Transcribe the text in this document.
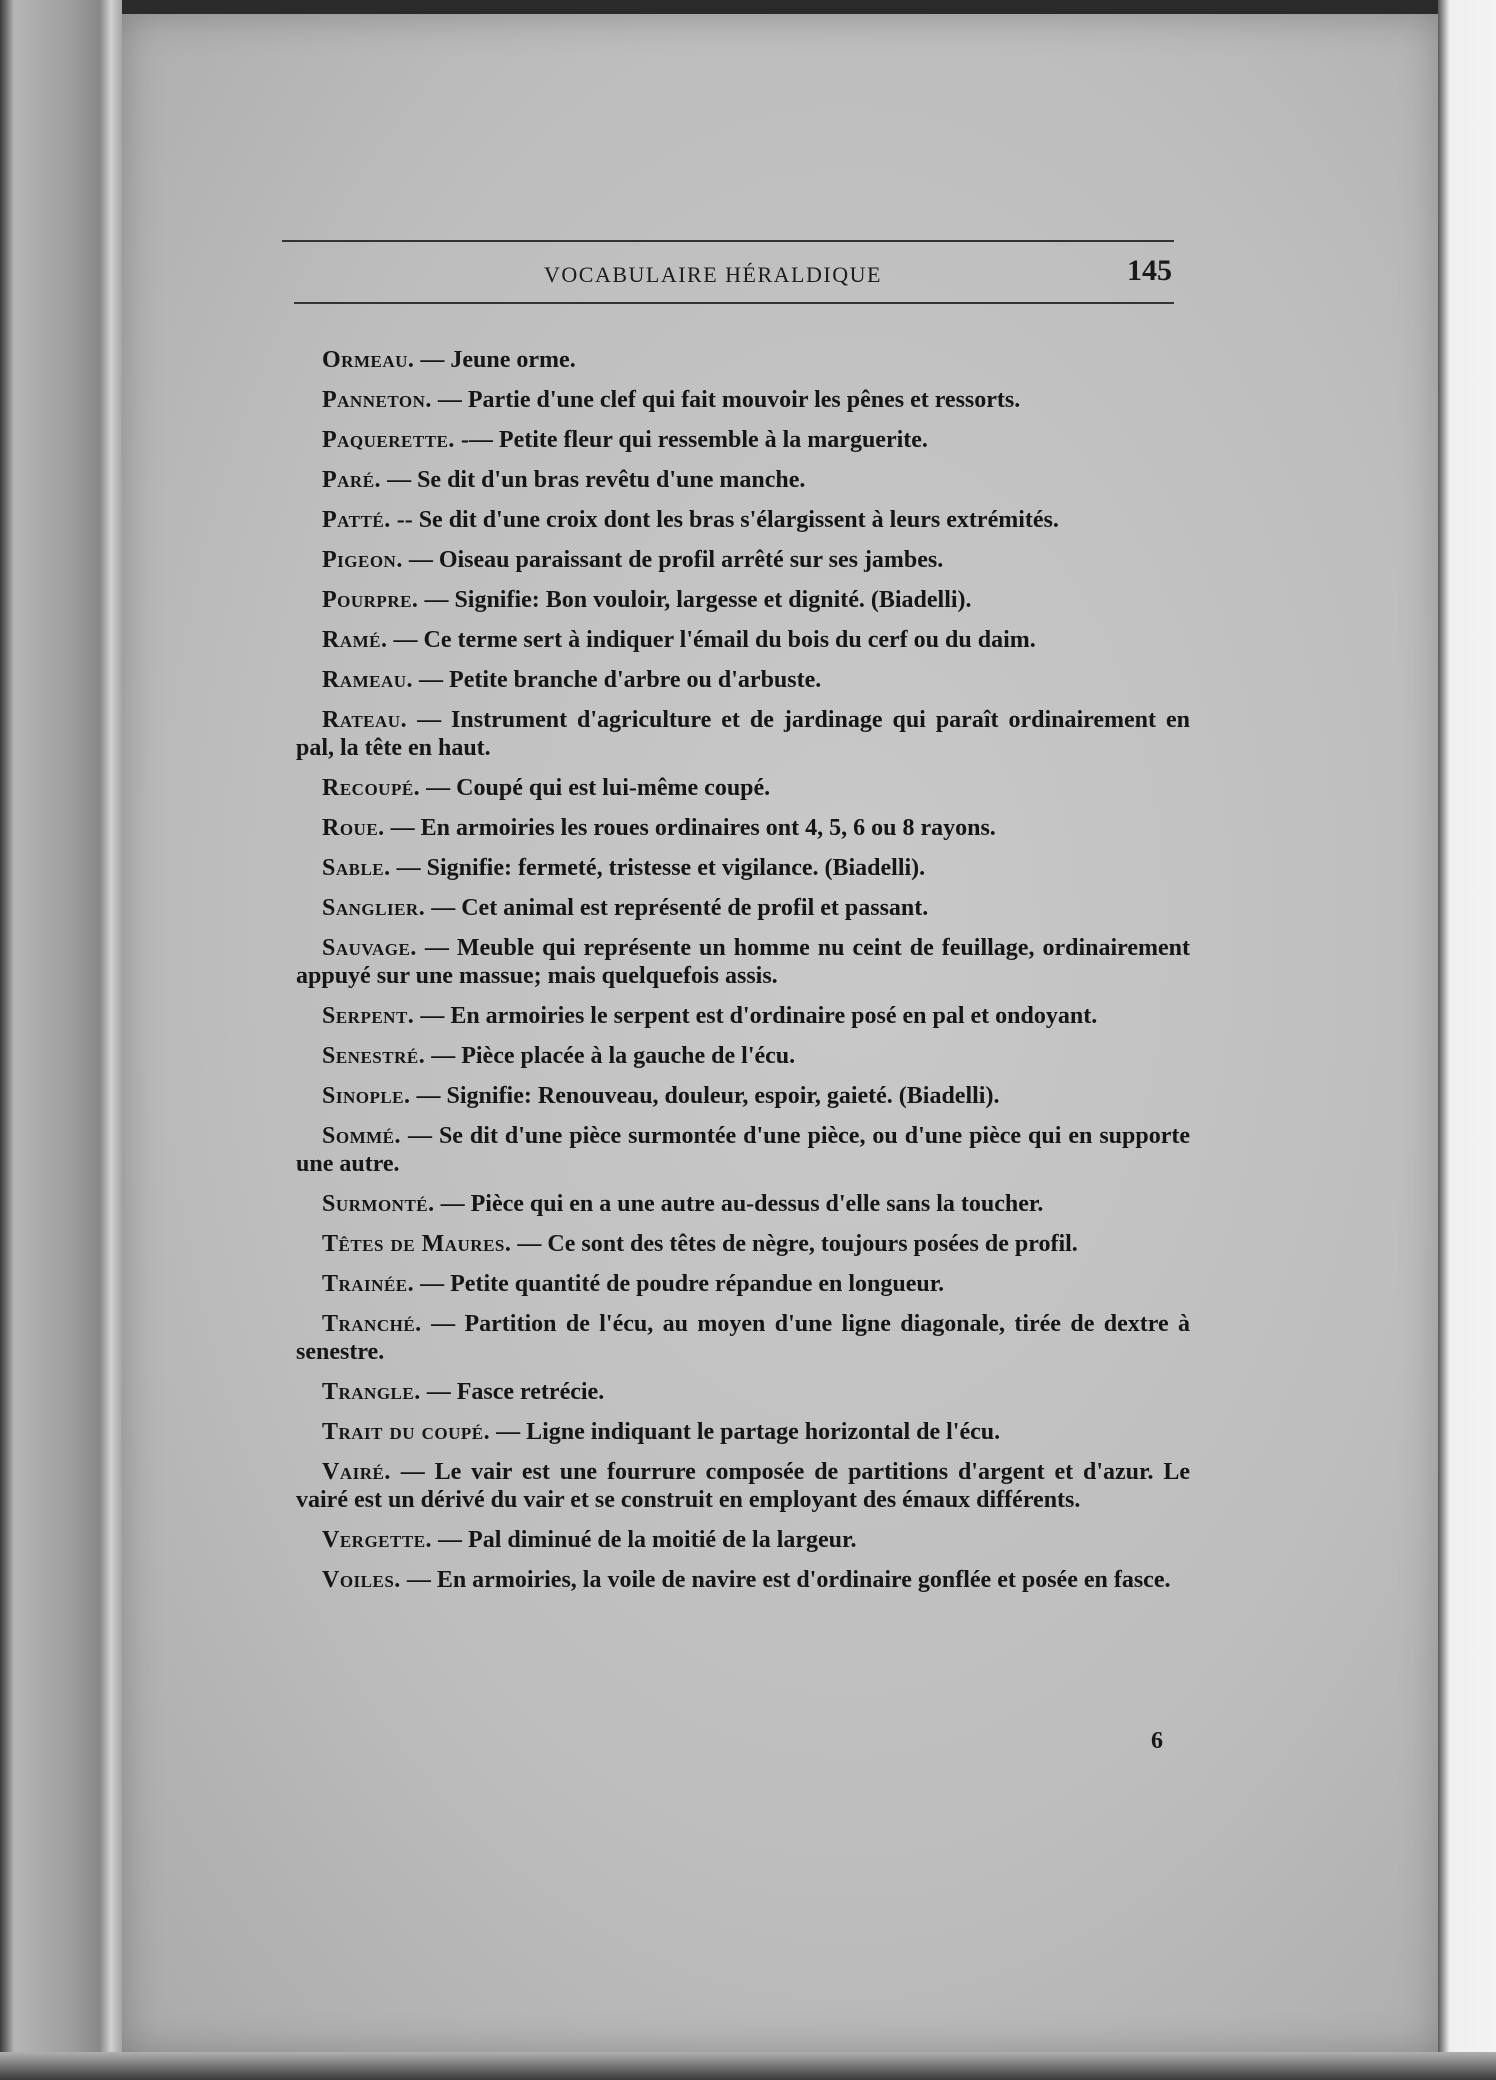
VOCABULAIRE HÉRALDIQUE	145

Ormeau. — Jeune orme.

Panneton. — Partie d'une clef qui fait mouvoir les pênes et ressorts.

Paquerette. -— Petite fleur qui ressemble à la marguerite.

Paré. — Se dit d'un bras revêtu d'une manche.

Patté. -- Se dit d'une croix dont les bras s'élargissent à leurs extrémités.

Pigeon. — Oiseau paraissant de profil arrêté sur ses jambes.

Pourpre. — Signifie: Bon vouloir, largesse et dignité. (Biadelli).

Ramé. — Ce terme sert à indiquer l'émail du bois du cerf ou du daim.

Rameau. — Petite branche d'arbre ou d'arbuste.

Rateau. — Instrument d'agriculture et de jardinage qui paraît ordinairement en pal, la tête en haut.

Recoupé. — Coupé qui est lui-même coupé.

Roue. — En armoiries les roues ordinaires ont 4, 5, 6 ou 8 rayons.

Sable. — Signifie: fermeté, tristesse et vigilance. (Biadelli).

Sanglier. — Cet animal est représenté de profil et passant.

Sauvage. — Meuble qui représente un homme nu ceint de feuillage, ordinairement appuyé sur une massue; mais quelquefois assis.

Serpent. — En armoiries le serpent est d'ordinaire posé en pal et ondoyant.

Senestré. — Pièce placée à la gauche de l'écu.

Sinople. — Signifie: Renouveau, douleur, espoir, gaieté. (Biadelli).

Sommé. — Se dit d'une pièce surmontée d'une pièce, ou d'une pièce qui en supporte une autre.

Surmonté. — Pièce qui en a une autre au-dessus d'elle sans la toucher.

Têtes de Maures. — Ce sont des têtes de nègre, toujours posées de profil.

Trainée. — Petite quantité de poudre répandue en longueur.

Tranché. — Partition de l'écu, au moyen d'une ligne diagonale, tirée de dextre à senestre.

Trangle. — Fasce retrécie.

Trait du coupé. — Ligne indiquant le partage horizontal de l'écu.

Vairé. — Le vair est une fourrure composée de partitions d'argent et d'azur. Le vairé est un dérivé du vair et se construit en employant des émaux différents.

Vergette. — Pal diminué de la moitié de la largeur.

Voiles. — En armoiries, la voile de navire est d'ordinaire gonflée et posée en fasce.

6
